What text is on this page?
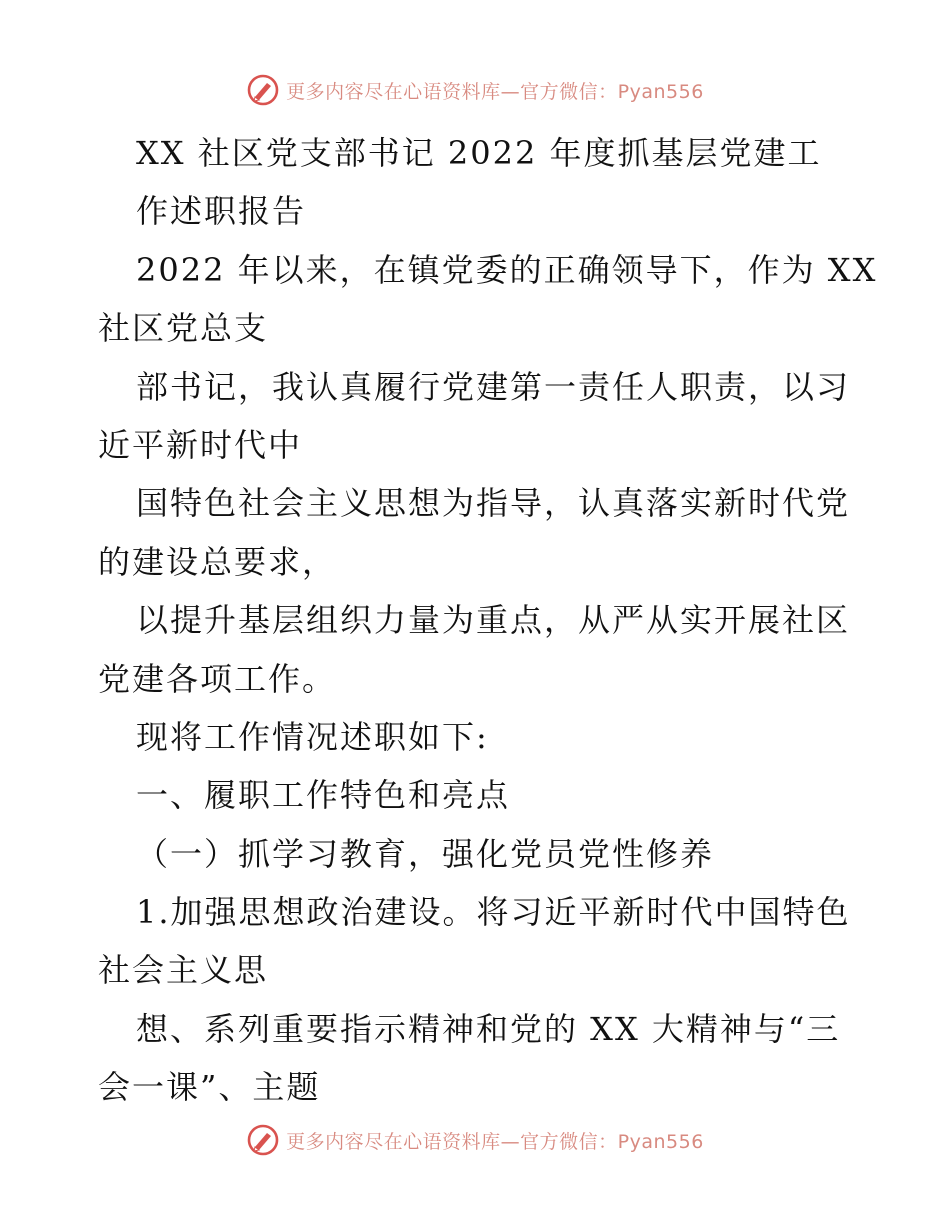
更多内容尽在心语资料库—官方微信：Pyan556
XX 社区党支部书记 2022 年度抓基层党建工
作述职报告
2022 年以来，在镇党委的正确领导下，作为 XX
社区党总支
部书记，我认真履行党建第一责任人职责，以习
近平新时代中
国特色社会主义思想为指导，认真落实新时代党
的建设总要求，
以提升基层组织力量为重点，从严从实开展社区
党建各项工作。
现将工作情况述职如下:
一、履职工作特色和亮点
（一）抓学习教育，强化党员党性修养
1.加强思想政治建设。将习近平新时代中国特色
社会主义思
想、系列重要指示精神和党的 XX 大精神与“三
会一课”、主题
更多内容尽在心语资料库—官方微信：Pyan556
